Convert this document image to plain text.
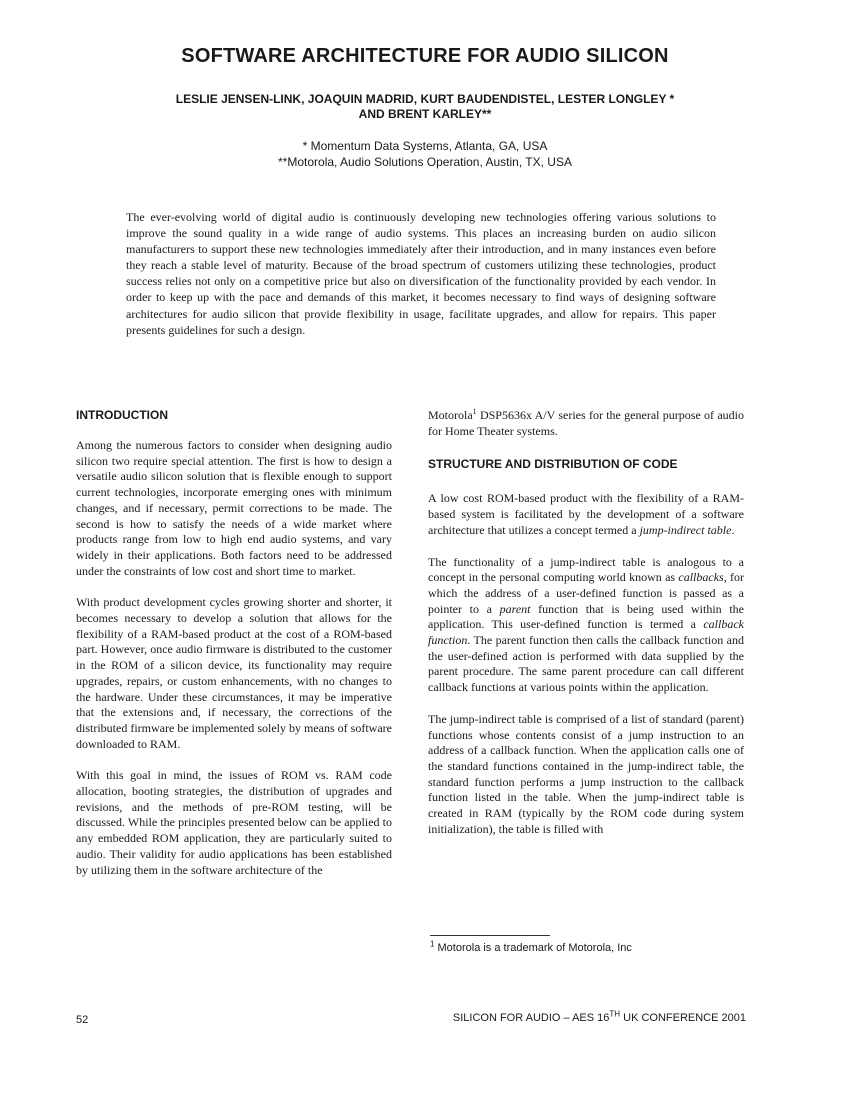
SOFTWARE ARCHITECTURE FOR AUDIO SILICON
LESLIE JENSEN-LINK, JOAQUIN MADRID, KURT BAUDENDISTEL, LESTER LONGLEY *
AND BRENT KARLEY**
* Momentum Data Systems, Atlanta, GA, USA
**Motorola, Audio Solutions Operation, Austin, TX, USA

The ever-evolving world of digital audio is continuously developing new technologies offering various solutions to improve the sound quality in a wide range of audio systems. This places an increasing burden on audio silicon manufacturers to support these new technologies immediately after their introduction, and in many instances even before they reach a stable level of maturity. Because of the broad spectrum of customers utilizing these technologies, product success relies not only on a competitive price but also on diversification of the functionality provided by each vendor. In order to keep up with the pace and demands of this market, it becomes necessary to find ways of designing software architectures for audio silicon that provide flexibility in usage, facilitate upgrades, and allow for repairs. This paper presents guidelines for such a design.

INTRODUCTION

Among the numerous factors to consider when designing audio silicon two require special attention. The first is how to design a versatile audio silicon solution that is flexible enough to support current technologies, incorporate emerging ones with minimum changes, and if necessary, permit corrections to be made. The second is how to satisfy the needs of a wide market where products range from low to high end audio systems, and vary widely in their applications. Both factors need to be addressed under the constraints of low cost and short time to market.

With product development cycles growing shorter and shorter, it becomes necessary to develop a solution that allows for the flexibility of a RAM-based product at the cost of a ROM-based part. However, once audio firmware is distributed to the customer in the ROM of a silicon device, its functionality may require upgrades, repairs, or custom enhancements, with no changes to the hardware. Under these circumstances, it may be imperative that the extensions and, if necessary, the corrections of the distributed firmware be implemented solely by means of software downloaded to RAM.

With this goal in mind, the issues of ROM vs. RAM code allocation, booting strategies, the distribution of upgrades and revisions, and the methods of pre-ROM testing, will be discussed. While the principles presented below can be applied to any embedded ROM application, they are particularly suited to audio. Their validity for audio applications has been established by utilizing them in the software architecture of the

Motorola$^1$ DSP5636x A/V series for the general purpose of audio for Home Theater systems.

STRUCTURE AND DISTRIBUTION OF CODE

A low cost ROM-based product with the flexibility of a RAM-based system is facilitated by the development of a software architecture that utilizes a concept termed a jump-indirect table.

The functionality of a jump-indirect table is analogous to a concept in the personal computing world known as callbacks, for which the address of a user-defined function is passed as a pointer to a parent function that is being used within the application. This user-defined function is termed a callback function. The parent function then calls the callback function and the user-defined action is performed with data supplied by the parent procedure. The same parent procedure can call different callback functions at various points within the application.

The jump-indirect table is comprised of a list of standard (parent) functions whose contents consist of a jump instruction to an address of a callback function. When the application calls one of the standard functions contained in the jump-indirect table, the standard function performs a jump instruction to the callback function listed in the table. When the jump-indirect table is created in RAM (typically by the ROM code during system initialization), the table is filled with

$^1$ Motorola is a trademark of Motorola, Inc
52	SILICON FOR AUDIO – AES 16TH UK CONFERENCE 2001
